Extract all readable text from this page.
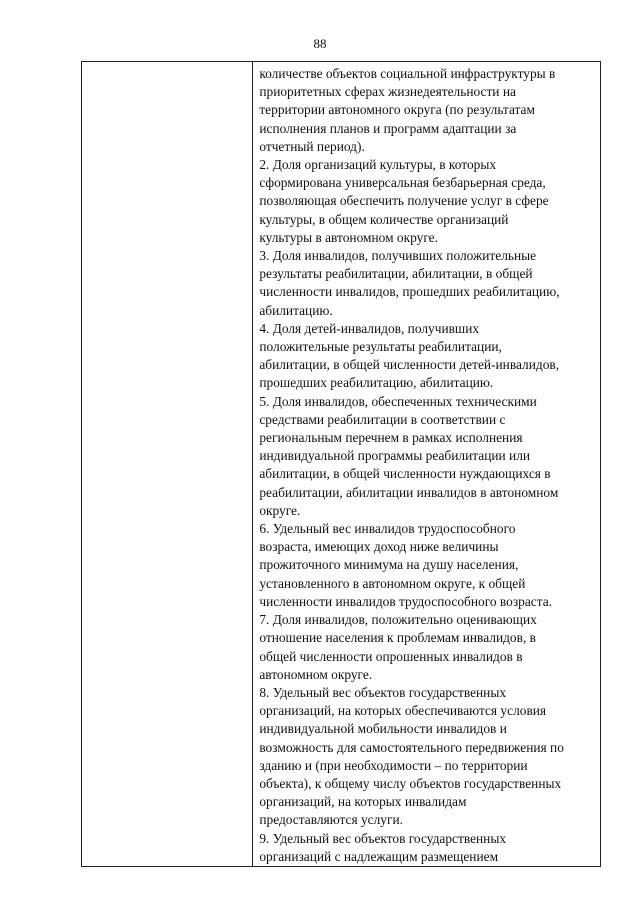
88

количестве объектов социальной инфраструктуры в
приоритетных сферах жизнедеятельности на
территории автономного округа (по результатам
исполнения планов и программ адаптации за
отчетный период).
2. Доля организаций культуры, в которых
сформирована универсальная безбарьерная среда,
позволяющая обеспечить получение услуг в сфере
культуры, в общем количестве организаций
культуры в автономном округе.
3. Доля инвалидов, получивших положительные
результаты реабилитации, абилитации, в общей
численности инвалидов, прошедших реабилитацию,
абилитацию.
4. Доля детей-инвалидов, получивших
положительные результаты реабилитации,
абилитации, в общей численности детей-инвалидов,
прошедших реабилитацию, абилитацию.
5. Доля инвалидов, обеспеченных техническими
средствами реабилитации в соответствии с
региональным перечнем в рамках исполнения
индивидуальной программы реабилитации или
абилитации, в общей численности нуждающихся в
реабилитации, абилитации инвалидов в автономном
округе.
6. Удельный вес инвалидов трудоспособного
возраста, имеющих доход ниже величины
прожиточного минимума на душу населения,
установленного в автономном округе, к общей
численности инвалидов трудоспособного возраста.
7. Доля инвалидов, положительно оценивающих
отношение населения к проблемам инвалидов, в
общей численности опрошенных инвалидов в
автономном округе.
8. Удельный вес объектов государственных
организаций, на которых обеспечиваются условия
индивидуальной мобильности инвалидов и
возможность для самостоятельного передвижения по
зданию и (при необходимости – по территории
объекта), к общему числу объектов государственных
организаций, на которых инвалидам
предоставляются услуги.
9. Удельный вес объектов государственных
организаций с надлежащим размещением
